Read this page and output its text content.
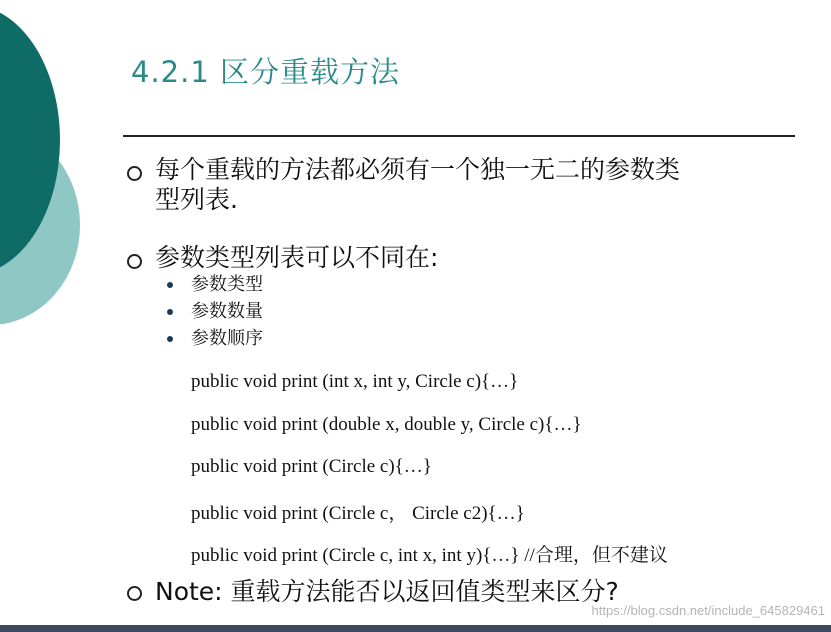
4.2.1 区分重载方法
每个重载的方法都必须有一个独一无二的参数类
型列表.
参数类型列表可以不同在:
参数类型
参数数量
参数顺序
public void print (int x, int y, Circle c){…}
public void print (double x, double y, Circle c){…}
public void print (Circle c){…}
public void print (Circle c， Circle c2){…}
public void print (Circle c, int x, int y){…} //合理，但不建议
Note: 重载方法能否以返回值类型来区分?
https://blog.csdn.net/include_645829461
